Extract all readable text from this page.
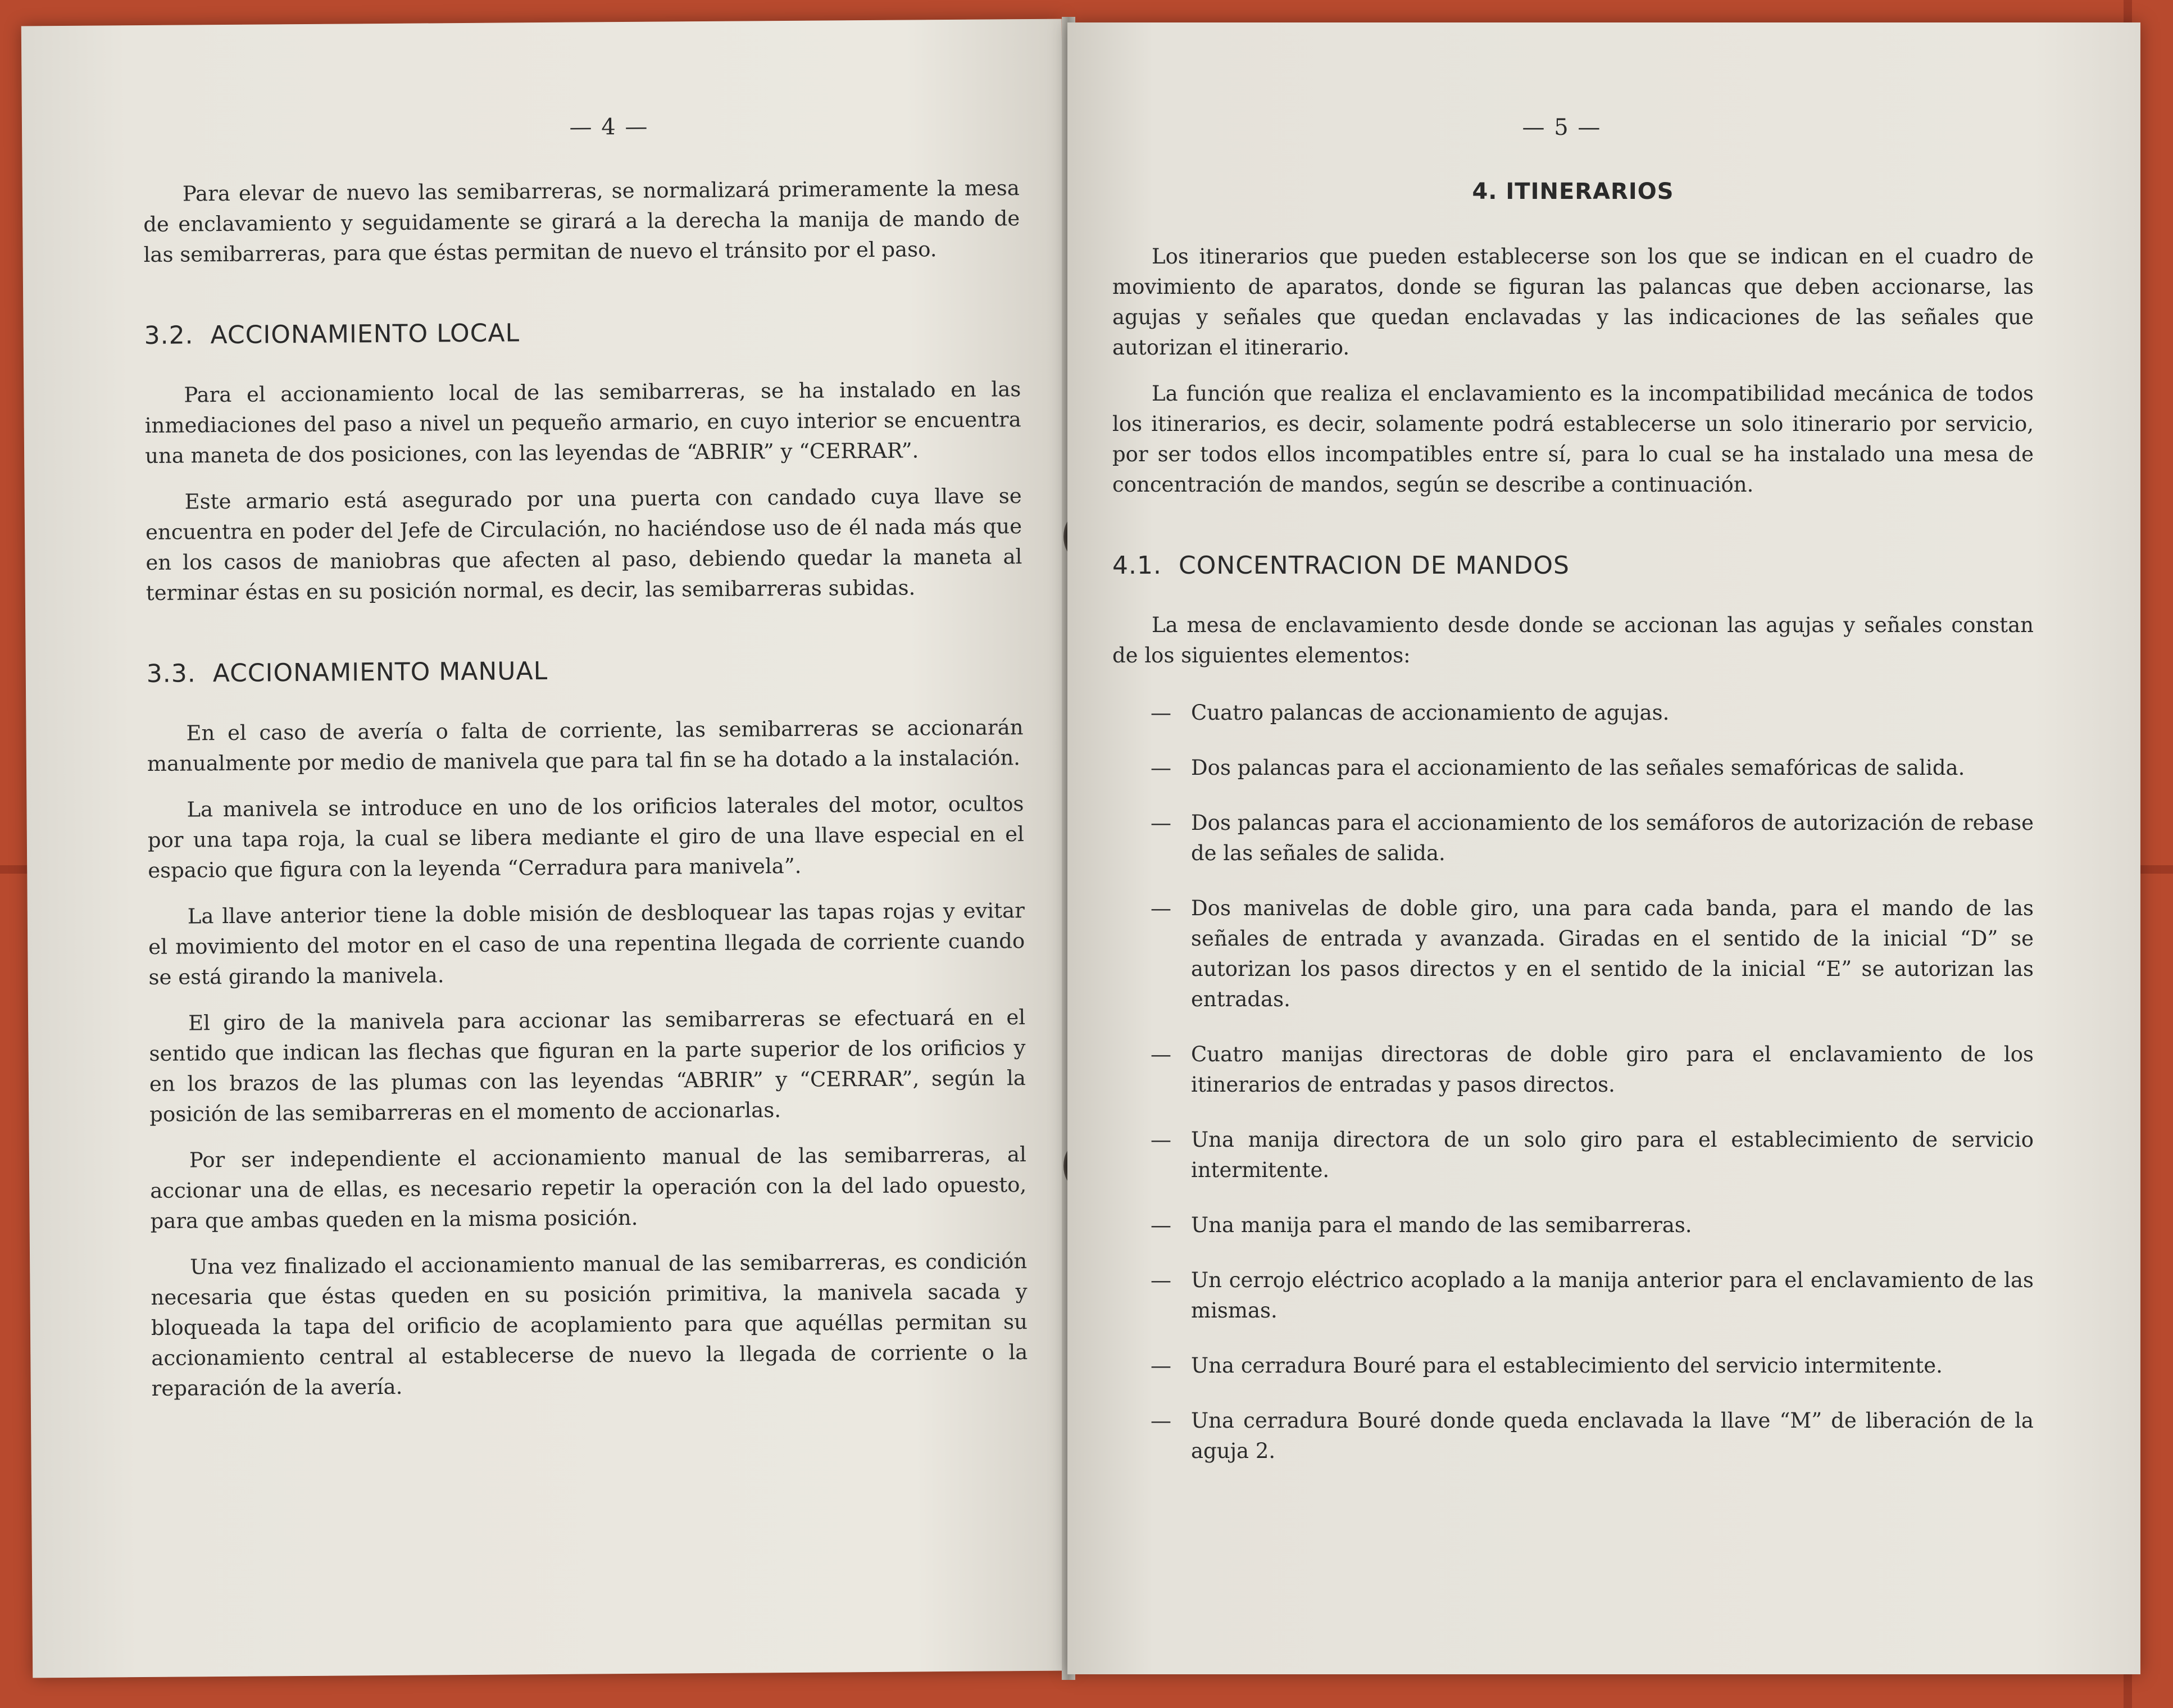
— 4 —

Para elevar de nuevo las semibarreras, se normalizará primeramente la mesa de enclavamiento y seguidamente se girará a la derecha la manija de mando de las semibarreras, para que éstas permitan de nuevo el tránsito por el paso.

3.2. ACCIONAMIENTO LOCAL

Para el accionamiento local de las semibarreras, se ha instalado en las inmediaciones del paso a nivel un pequeño armario, en cuyo interior se encuentra una maneta de dos posiciones, con las leyendas de “ABRIR” y “CERRAR”.

Este armario está asegurado por una puerta con candado cuya llave se encuentra en poder del Jefe de Circulación, no haciéndose uso de él nada más que en los casos de maniobras que afecten al paso, debiendo quedar la maneta al terminar éstas en su posición normal, es decir, las semibarreras subidas.

3.3. ACCIONAMIENTO MANUAL

En el caso de avería o falta de corriente, las semibarreras se accionarán manualmente por medio de manivela que para tal fin se ha dotado a la instalación.

La manivela se introduce en uno de los orificios laterales del motor, ocultos por una tapa roja, la cual se libera mediante el giro de una llave especial en el espacio que figura con la leyenda “Cerradura para manivela”.

La llave anterior tiene la doble misión de desbloquear las tapas rojas y evitar el movimiento del motor en el caso de una repentina llegada de corriente cuando se está girando la manivela.

El giro de la manivela para accionar las semibarreras se efectuará en el sentido que indican las flechas que figuran en la parte superior de los orificios y en los brazos de las plumas con las leyendas “ABRIR” y “CERRAR”, según la posición de las semibarreras en el momento de accionarlas.

Por ser independiente el accionamiento manual de las semibarreras, al accionar una de ellas, es necesario repetir la operación con la del lado opuesto, para que ambas queden en la misma posición.

Una vez finalizado el accionamiento manual de las semibarreras, es condición necesaria que éstas queden en su posición primitiva, la manivela sacada y bloqueada la tapa del orificio de acoplamiento para que aquéllas permitan su accionamiento central al establecerse de nuevo la llegada de corriente o la reparación de la avería.

— 5 —
4. ITINERARIOS

Los itinerarios que pueden establecerse son los que se indican en el cuadro de movimiento de aparatos, donde se figuran las palancas que deben accionarse, las agujas y señales que quedan enclavadas y las indicaciones de las señales que autorizan el itinerario.

La función que realiza el enclavamiento es la incompatibilidad mecánica de todos los itinerarios, es decir, solamente podrá establecerse un solo itinerario por servicio, por ser todos ellos incompatibles entre sí, para lo cual se ha instalado una mesa de concentración de mandos, según se describe a continuación.

4.1. CONCENTRACION DE MANDOS

La mesa de enclavamiento desde donde se accionan las agujas y señales constan de los siguientes elementos:

— Cuatro palancas de accionamiento de agujas.
— Dos palancas para el accionamiento de las señales semafóricas de salida.
— Dos palancas para el accionamiento de los semáforos de autorización de rebase de las señales de salida.
— Dos manivelas de doble giro, una para cada banda, para el mando de las señales de entrada y avanzada. Giradas en el sentido de la inicial “D” se autorizan los pasos directos y en el sentido de la inicial “E” se autorizan las entradas.
— Cuatro manijas directoras de doble giro para el enclavamiento de los itinerarios de entradas y pasos directos.
— Una manija directora de un solo giro para el establecimiento de servicio intermitente.
— Una manija para el mando de las semibarreras.
— Un cerrojo eléctrico acoplado a la manija anterior para el enclavamiento de las mismas.
— Una cerradura Bouré para el establecimiento del servicio intermitente.
— Una cerradura Bouré donde queda enclavada la llave “M” de liberación de la aguja 2.
